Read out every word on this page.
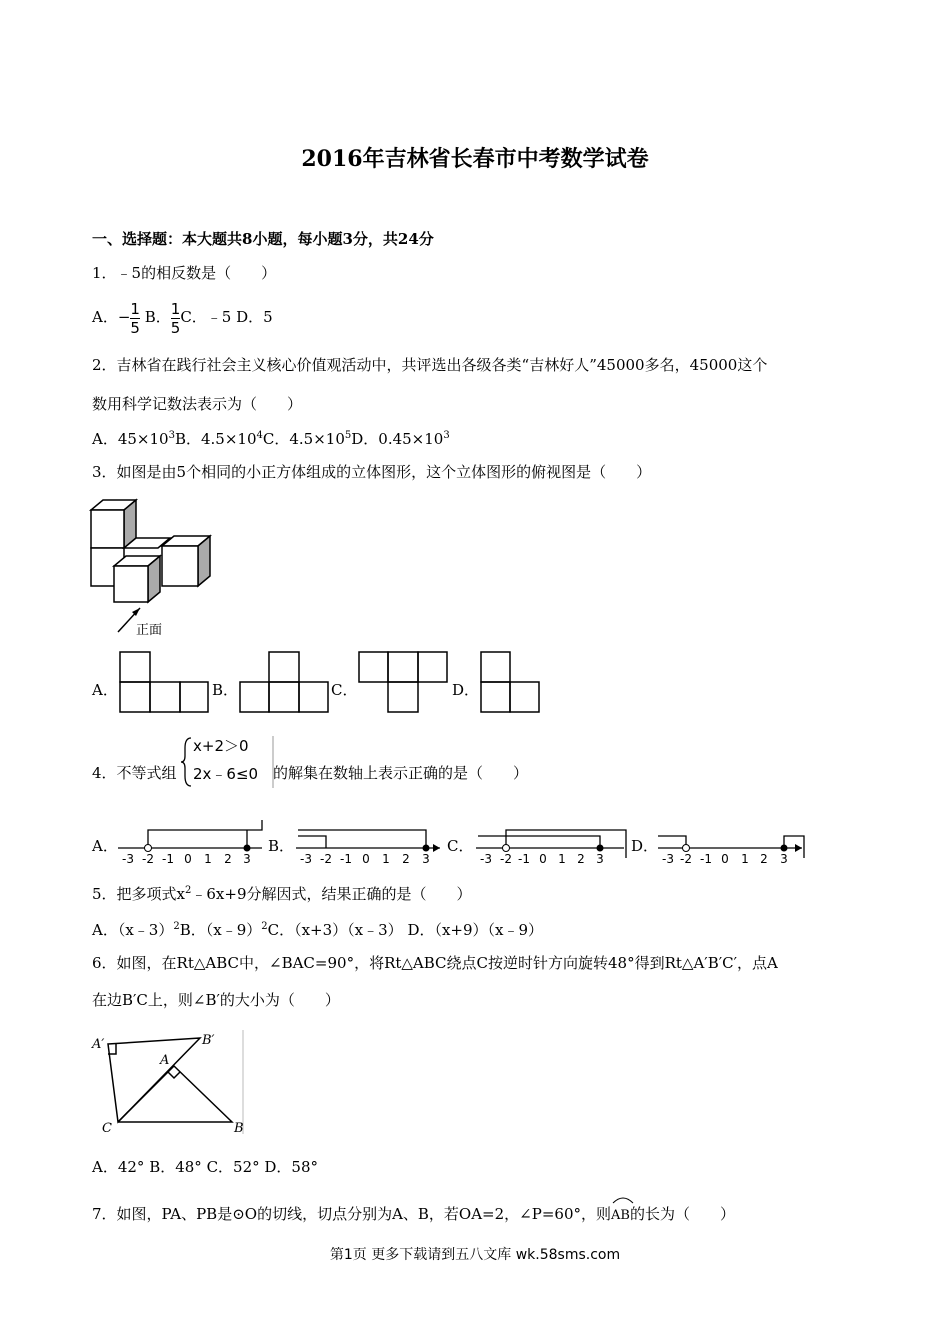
2016年吉林省长春市中考数学试卷
一、选择题：本大题共8小题，每小题3分，共24分
1．﹣5的相反数是（　　）
A．− $\frac{1}{5}$ B． $\frac{1}{5}$ C．﹣5 D．5
2．吉林省在践行社会主义核心价值观活动中，共评选出各级各类“吉林好人”45000多名，45000这个
数用科学记数法表示为（　　）
A．$45\times 10^3B$．$4.5\times 10^4C$．$4.5\times 10^5D$．$0.45\times 10^3$
3．如图是由5个相同的小正方体组成的立体图形，这个立体图形的俯视图是（　　）
正面
A．	B．	C．	D．
4．不等式组
x+2＞0
2x﹣6≤0 的解集在数轴上表示正确的是（　　）
A．
-3 -2 -1 0 1 2 3
B．
-3 -2 -1 0 1 2 3
C．
-3 -2 -1 0 1 2 3
D．
-3 -2 -1 0 1 2 3
5．把多项式$x^2﹣6x+9$分解因式，结果正确的是（　　）
A．（x﹣3）$^2$B．（x﹣9）$^2$C．（x+3）（x﹣3） D．（x+9）（x﹣9）
6．如图，在Rt△ABC中，∠BAC=90°，将Rt△ABC绕点C按逆时针方向旋转48°得到Rt△A′B′C′，点A
在边B′C上，则∠B′的大小为（　　）
A′	B′
A
C	B
A．42° B．48° C．52° D．58°
7．如图，PA、PB是⊙O的切线，切点分别为A、B，若OA=2，∠P=60°，则
AB的长为（　　）
第1页 更多下载请到五八文库 wk.58sms.com
